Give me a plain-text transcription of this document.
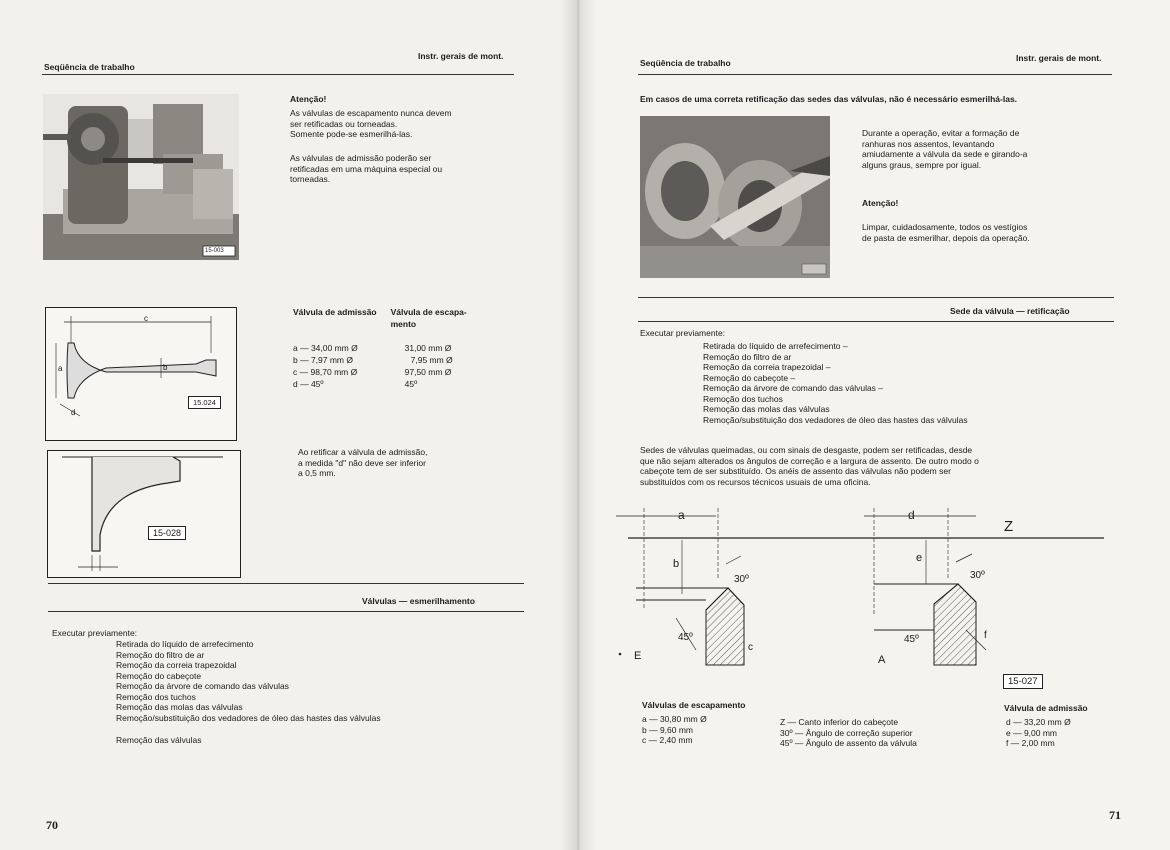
Seqüência de trabalho
Instr. gerais de mont.
15-003
Atenção!
As válvulas de escapamento nunca devem
ser retificadas ou torneadas.
Somente pode-se esmerilhá-las.
As válvulas de admissão poderão ser
retificadas em uma máquina especial ou
torneadas.
c
a	b
d
15.024
15-028
Válvula de admissão	Válvula de escapa-
mento

a — 34,00 mm Ø	31,00 mm Ø
b — 7,97 mm Ø	7,95 mm Ø
c — 98,70 mm Ø	97,50 mm Ø
d — 45º	45º
Ao retificar a válvula de admissão,
a medida "d" não deve ser inferior
a 0,5 mm.
Válvulas — esmerilhamento
Executar previamente:
Retirada do líquido de arrefecimento
Remoção do filtro de ar
Remoção da correia trapezoidal
Remoção do cabeçote
Remoção da árvore de comando das válvulas
Remoção dos tuchos
Remoção das molas das válvulas
Remoção/substituição dos vedadores de óleo das hastes das válvulas
Remoção das válvulas
70
Seqüência de trabalho	Instr. gerais de mont.
Em casos de uma correta retificação das sedes das válvulas, não é necessário esmerilhá-las.
Durante a operação, evitar a formação de
ranhuras nos assentos, levantando
amiudamente a válvula da sede e girando-a
alguns graus, sempre por igual.
Atenção!
Limpar, cuidadosamente, todos os vestígios
de pasta de esmerilhar, depois da operação.
Sede da válvula — retificação
Executar previamente:
Retirada do líquido de arrefecimento –
Remoção do filtro de ar
Remoção da correia trapezoidal –
Remoção do cabeçote –
Remoção da árvore de comando das válvulas –
Remoção dos tuchos
Remoção das molas das válvulas
Remoção/substituição dos vedadores de óleo das hastes das válvulas
Sedes de válvulas queimadas, ou com sinais de desgaste, podem ser retificadas, desde
que não sejam alterados os ângulos de correção e a largura de assento. De outro modo o
cabeçote tem de ser substituído. Os anéis de assento das válvulas não podem ser
substituídos com os recursos técnicos usuais de uma oficina.
a
b
c
30º
45º
E
d
e
f
30º
45º
A
Z
15-027
Válvulas de escapamento
a — 30,80 mm Ø
b — 9,60 mm
c — 2,40 mm
Z — Canto inferior do cabeçote
30º — Ângulo de correção superior
45º — Ângulo de assento da válvula
Válvula de admissão
d — 33,20 mm Ø
e — 9,00 mm
f — 2,00 mm
71
